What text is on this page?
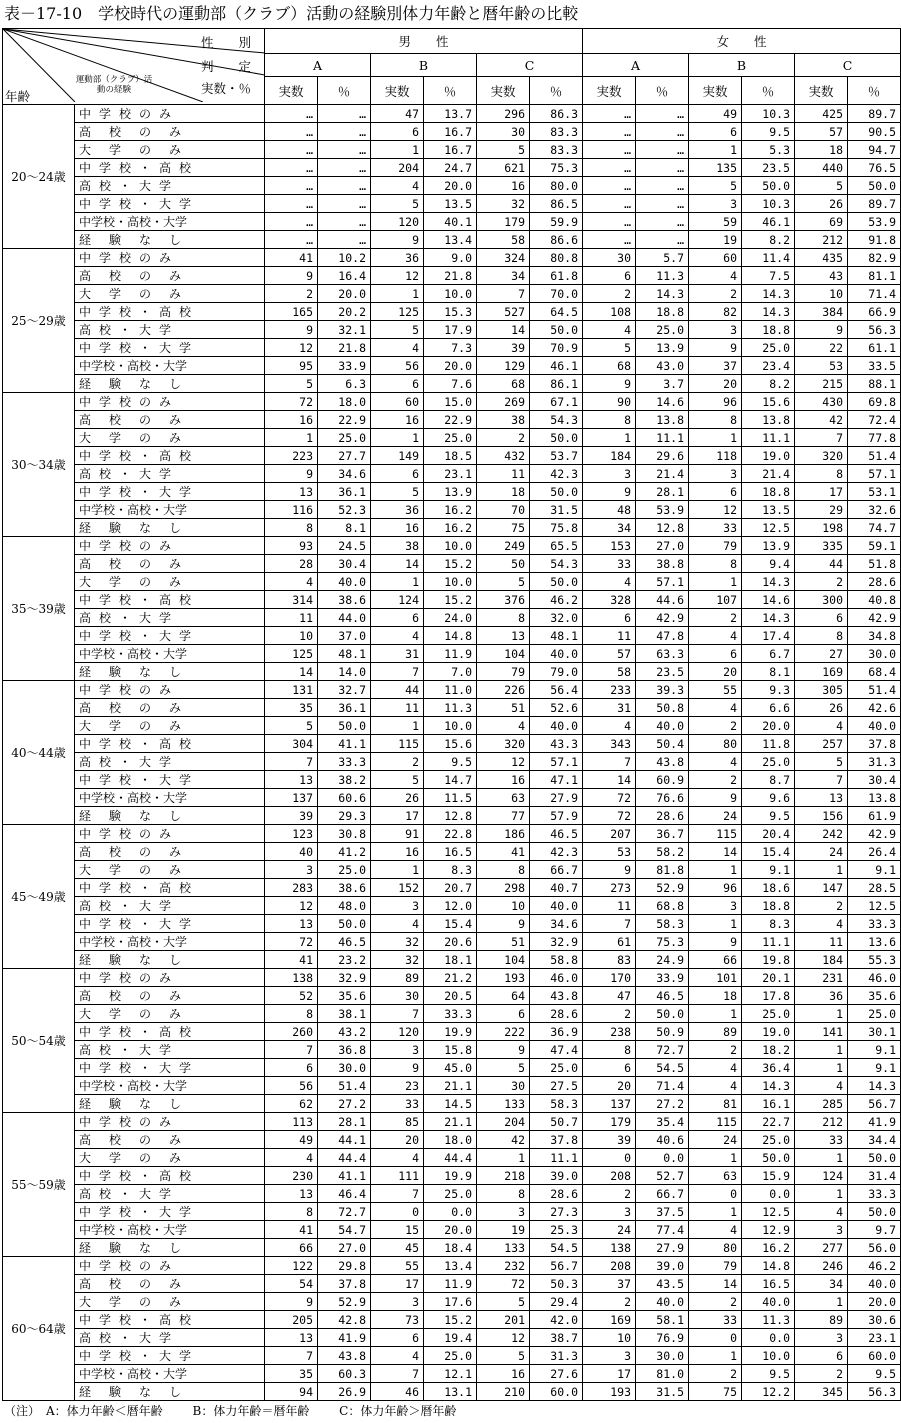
表－17-10　学校時代の運動部（クラブ）活動の経験別体力年齢と暦年齢の比較
性　　別
判　　定
実数・％
年齢
運動部（クラブ）活動の経験		男　　性						女　　性					
		A		B		C		A		B		C	
		実数	％	実数	％	実数	％	実数	％	実数	％	実数	％
20～24歳	中学校のみ	…	…	47	13.7	296	86.3	…	…	49	10.3	425	89.7
	高校のみ	…	…	6	16.7	30	83.3	…	…	6	9.5	57	90.5
	大学のみ	…	…	1	16.7	5	83.3	…	…	1	5.3	18	94.7
	中学校・高校	…	…	204	24.7	621	75.3	…	…	135	23.5	440	76.5
	高校・大学	…	…	4	20.0	16	80.0	…	…	5	50.0	5	50.0
	中学校・大学	…	…	5	13.5	32	86.5	…	…	3	10.3	26	89.7
	中学校・高校・大学	…	…	120	40.1	179	59.9	…	…	59	46.1	69	53.9
	経験なし	…	…	9	13.4	58	86.6	…	…	19	8.2	212	91.8
25～29歳	中学校のみ	41	10.2	36	9.0	324	80.8	30	5.7	60	11.4	435	82.9
	高校のみ	9	16.4	12	21.8	34	61.8	6	11.3	4	7.5	43	81.1
	大学のみ	2	20.0	1	10.0	7	70.0	2	14.3	2	14.3	10	71.4
	中学校・高校	165	20.2	125	15.3	527	64.5	108	18.8	82	14.3	384	66.9
	高校・大学	9	32.1	5	17.9	14	50.0	4	25.0	3	18.8	9	56.3
	中学校・大学	12	21.8	4	7.3	39	70.9	5	13.9	9	25.0	22	61.1
	中学校・高校・大学	95	33.9	56	20.0	129	46.1	68	43.0	37	23.4	53	33.5
	経験なし	5	6.3	6	7.6	68	86.1	9	3.7	20	8.2	215	88.1
30～34歳	中学校のみ	72	18.0	60	15.0	269	67.1	90	14.6	96	15.6	430	69.8
	高校のみ	16	22.9	16	22.9	38	54.3	8	13.8	8	13.8	42	72.4
	大学のみ	1	25.0	1	25.0	2	50.0	1	11.1	1	11.1	7	77.8
	中学校・高校	223	27.7	149	18.5	432	53.7	184	29.6	118	19.0	320	51.4
	高校・大学	9	34.6	6	23.1	11	42.3	3	21.4	3	21.4	8	57.1
	中学校・大学	13	36.1	5	13.9	18	50.0	9	28.1	6	18.8	17	53.1
	中学校・高校・大学	116	52.3	36	16.2	70	31.5	48	53.9	12	13.5	29	32.6
	経験なし	8	8.1	16	16.2	75	75.8	34	12.8	33	12.5	198	74.7
35～39歳	中学校のみ	93	24.5	38	10.0	249	65.5	153	27.0	79	13.9	335	59.1
	高校のみ	28	30.4	14	15.2	50	54.3	33	38.8	8	9.4	44	51.8
	大学のみ	4	40.0	1	10.0	5	50.0	4	57.1	1	14.3	2	28.6
	中学校・高校	314	38.6	124	15.2	376	46.2	328	44.6	107	14.6	300	40.8
	高校・大学	11	44.0	6	24.0	8	32.0	6	42.9	2	14.3	6	42.9
	中学校・大学	10	37.0	4	14.8	13	48.1	11	47.8	4	17.4	8	34.8
	中学校・高校・大学	125	48.1	31	11.9	104	40.0	57	63.3	6	6.7	27	30.0
	経験なし	14	14.0	7	7.0	79	79.0	58	23.5	20	8.1	169	68.4
40～44歳	中学校のみ	131	32.7	44	11.0	226	56.4	233	39.3	55	9.3	305	51.4
	高校のみ	35	36.1	11	11.3	51	52.6	31	50.8	4	6.6	26	42.6
	大学のみ	5	50.0	1	10.0	4	40.0	4	40.0	2	20.0	4	40.0
	中学校・高校	304	41.1	115	15.6	320	43.3	343	50.4	80	11.8	257	37.8
	高校・大学	7	33.3	2	9.5	12	57.1	7	43.8	4	25.0	5	31.3
	中学校・大学	13	38.2	5	14.7	16	47.1	14	60.9	2	8.7	7	30.4
	中学校・高校・大学	137	60.6	26	11.5	63	27.9	72	76.6	9	9.6	13	13.8
	経験なし	39	29.3	17	12.8	77	57.9	72	28.6	24	9.5	156	61.9
45～49歳	中学校のみ	123	30.8	91	22.8	186	46.5	207	36.7	115	20.4	242	42.9
	高校のみ	40	41.2	16	16.5	41	42.3	53	58.2	14	15.4	24	26.4
	大学のみ	3	25.0	1	8.3	8	66.7	9	81.8	1	9.1	1	9.1
	中学校・高校	283	38.6	152	20.7	298	40.7	273	52.9	96	18.6	147	28.5
	高校・大学	12	48.0	3	12.0	10	40.0	11	68.8	3	18.8	2	12.5
	中学校・大学	13	50.0	4	15.4	9	34.6	7	58.3	1	8.3	4	33.3
	中学校・高校・大学	72	46.5	32	20.6	51	32.9	61	75.3	9	11.1	11	13.6
	経験なし	41	23.2	32	18.1	104	58.8	83	24.9	66	19.8	184	55.3
50～54歳	中学校のみ	138	32.9	89	21.2	193	46.0	170	33.9	101	20.1	231	46.0
	高校のみ	52	35.6	30	20.5	64	43.8	47	46.5	18	17.8	36	35.6
	大学のみ	8	38.1	7	33.3	6	28.6	2	50.0	1	25.0	1	25.0
	中学校・高校	260	43.2	120	19.9	222	36.9	238	50.9	89	19.0	141	30.1
	高校・大学	7	36.8	3	15.8	9	47.4	8	72.7	2	18.2	1	9.1
	中学校・大学	6	30.0	9	45.0	5	25.0	6	54.5	4	36.4	1	9.1
	中学校・高校・大学	56	51.4	23	21.1	30	27.5	20	71.4	4	14.3	4	14.3
	経験なし	62	27.2	33	14.5	133	58.3	137	27.2	81	16.1	285	56.7
55～59歳	中学校のみ	113	28.1	85	21.1	204	50.7	179	35.4	115	22.7	212	41.9
	高校のみ	49	44.1	20	18.0	42	37.8	39	40.6	24	25.0	33	34.4
	大学のみ	4	44.4	4	44.4	1	11.1	0	0.0	1	50.0	1	50.0
	中学校・高校	230	41.1	111	19.9	218	39.0	208	52.7	63	15.9	124	31.4
	高校・大学	13	46.4	7	25.0	8	28.6	2	66.7	0	0.0	1	33.3
	中学校・大学	8	72.7	0	0.0	3	27.3	3	37.5	1	12.5	4	50.0
	中学校・高校・大学	41	54.7	15	20.0	19	25.3	24	77.4	4	12.9	3	9.7
	経験なし	66	27.0	45	18.4	133	54.5	138	27.9	80	16.2	277	56.0
60～64歳	中学校のみ	122	29.8	55	13.4	232	56.7	208	39.0	79	14.8	246	46.2
	高校のみ	54	37.8	17	11.9	72	50.3	37	43.5	14	16.5	34	40.0
	大学のみ	9	52.9	3	17.6	5	29.4	2	40.0	2	40.0	1	20.0
	中学校・高校	205	42.8	73	15.2	201	42.0	169	58.1	33	11.3	89	30.6
	高校・大学	13	41.9	6	19.4	12	38.7	10	76.9	0	0.0	3	23.1
	中学校・大学	7	43.8	4	25.0	5	31.3	3	30.0	1	10.0	6	60.0
	中学校・高校・大学	35	60.3	7	12.1	16	27.6	17	81.0	2	9.5	2	9.5
	経験なし	94	26.9	46	13.1	210	60.0	193	31.5	75	12.2	345	56.3
（注）　A：体力年齢＜暦年齢 B：体力年齢＝暦年齢 C：体力年齢＞暦年齢
